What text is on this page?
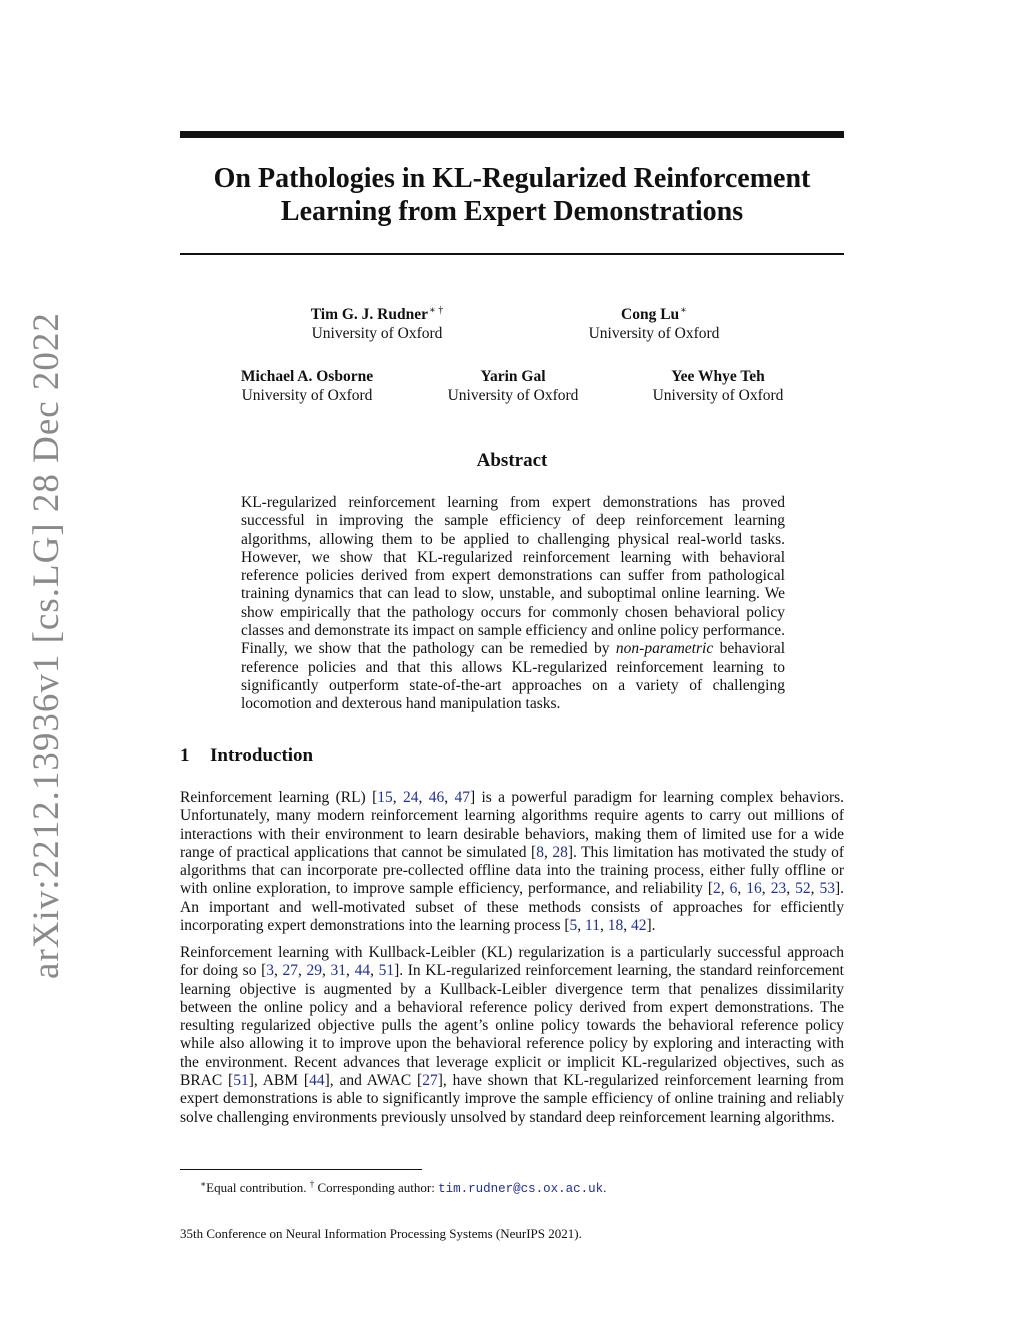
arXiv:2212.13936v1 [cs.LG] 28 Dec 2022
On Pathologies in KL-Regularized Reinforcement Learning from Expert Demonstrations
Tim G. J. Rudner∗ †
University of Oxford
Cong Lu∗
University of Oxford
Michael A. Osborne
University of Oxford
Yarin Gal
University of Oxford
Yee Whye Teh
University of Oxford
Abstract

KL-regularized reinforcement learning from expert demonstrations has proved successful in improving the sample efficiency of deep reinforcement learning algorithms, allowing them to be applied to challenging physical real-world tasks. However, we show that KL-regularized reinforcement learning with behavioral reference policies derived from expert demonstrations can suffer from pathological training dynamics that can lead to slow, unstable, and suboptimal online learning. We show empirically that the pathology occurs for commonly chosen behavioral policy classes and demonstrate its impact on sample efficiency and online policy performance. Finally, we show that the pathology can be remedied by non-parametric behavioral reference policies and that this allows KL-regularized reinforcement learning to significantly outperform state-of-the-art approaches on a variety of challenging locomotion and dexterous hand manipulation tasks.

1 Introduction

Reinforcement learning (RL) [15, 24, 46, 47] is a powerful paradigm for learning complex behaviors. Unfortunately, many modern reinforcement learning algorithms require agents to carry out millions of interactions with their environment to learn desirable behaviors, making them of limited use for a wide range of practical applications that cannot be simulated [8, 28]. This limitation has motivated the study of algorithms that can incorporate pre-collected offline data into the training process, either fully offline or with online exploration, to improve sample efficiency, performance, and reliability [2, 6, 16, 23, 52, 53]. An important and well-motivated subset of these methods consists of approaches for efficiently incorporating expert demonstrations into the learning process [5, 11, 18, 42].

Reinforcement learning with Kullback-Leibler (KL) regularization is a particularly successful approach for doing so [3, 27, 29, 31, 44, 51]. In KL-regularized reinforcement learning, the standard reinforcement learning objective is augmented by a Kullback-Leibler divergence term that penalizes dissimilarity between the online policy and a behavioral reference policy derived from expert demonstrations. The resulting regularized objective pulls the agent’s online policy towards the behavioral reference policy while also allowing it to improve upon the behavioral reference policy by exploring and interacting with the environment. Recent advances that leverage explicit or implicit KL-regularized objectives, such as BRAC [51], ABM [44], and AWAC [27], have shown that KL-regularized reinforcement learning from expert demonstrations is able to significantly improve the sample efficiency of online training and reliably solve challenging environments previously unsolved by standard deep reinforcement learning algorithms.

∗Equal contribution. † Corresponding author: tim.rudner@cs.ox.ac.uk.
35th Conference on Neural Information Processing Systems (NeurIPS 2021).
